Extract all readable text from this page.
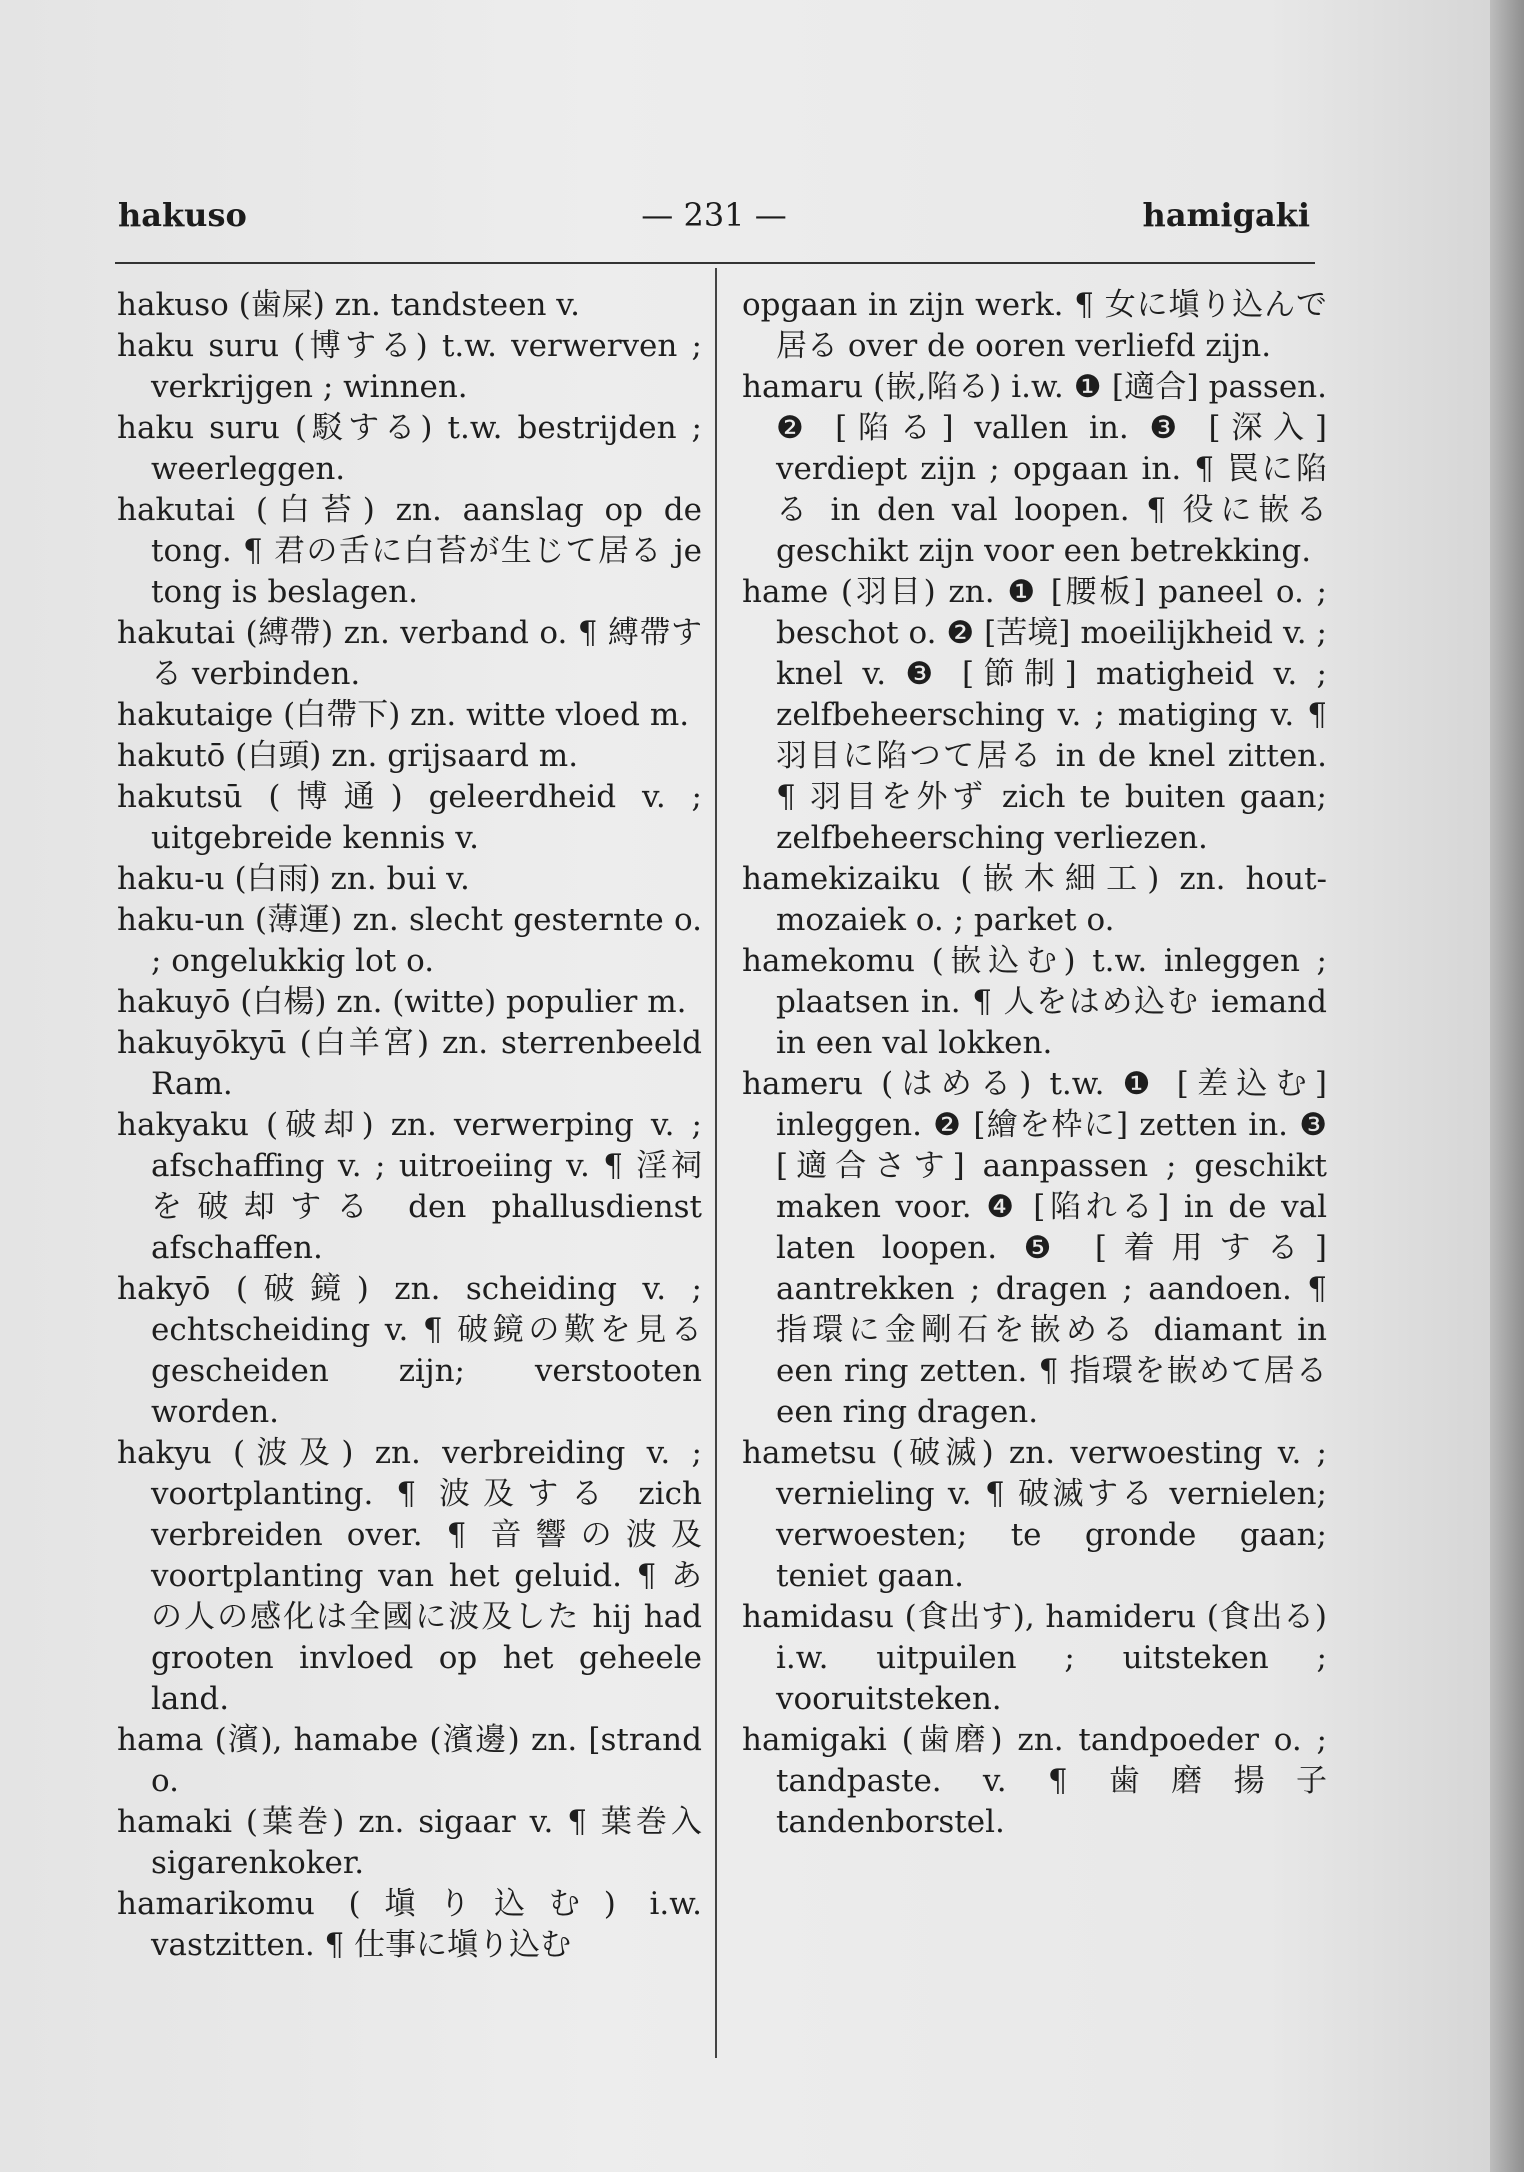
hakuso	— 231 —	hamigaki

hakuso (歯屎) zn. tandsteen v.

haku suru (博する) t.w. verwerven ; verkrijgen ; winnen.

haku suru (駁する) t.w. bestrijden ; weerleggen.

hakutai (白苔) zn. aanslag op de tong. ¶ 君の舌に白苔が生じて居る je tong is beslagen.

hakutai (縛帶) zn. verband o. ¶ 縛帶する verbinden.

hakutaige (白帶下) zn. witte vloed m.

hakutō (白頭) zn. grijsaard m.

hakutsū (博通) geleerdheid v. ; uitgebreide kennis v.

haku-u (白雨) zn. bui v.

haku-un (薄運) zn. slecht gesternte o. ; ongelukkig lot o.

hakuyō (白楊) zn. (witte) populier m.

hakuyōkyū (白羊宮) zn. sterrenbeeld Ram.

hakyaku (破却) zn. verwerping v. ; afschaffing v. ; uitroeiing v. ¶ 淫祠を破却する den phallusdienst afschaffen.

hakyō (破鏡) zn. scheiding v. ; echtscheiding v. ¶ 破鏡の歎を見る gescheiden zijn; verstooten worden.

hakyu (波及) zn. verbreiding v. ; voortplanting. ¶ 波及する zich verbreiden over. ¶ 音響の波及 voortplanting van het geluid. ¶ あの人の感化は全國に波及した hij had grooten invloed op het geheele land.

hama (濱), hamabe (濱邊) zn. [strand o.

hamaki (葉巻) zn. sigaar v. ¶ 葉巻入 sigarenkoker.

hamarikomu (塡り込む) i.w. vastzitten. ¶ 仕事に塡り込む

opgaan in zijn werk. ¶ 女に塡り込んで居る over de ooren verliefd zijn.

hamaru (嵌,陷る) i.w. ❶ [適合] passen. ❷ [陷る] vallen in. ❸ [深入] verdiept zijn ; opgaan in. ¶ 罠に陷る in den val loopen. ¶ 役に嵌る geschikt zijn voor een betrekking.

hame (羽目) zn. ❶ [腰板] paneel o. ; beschot o. ❷ [苦境] moeilijkheid v. ; knel v. ❸ [節制] matigheid v. ; zelfbeheersching v. ; matiging v. ¶ 羽目に陷つて居る in de knel zitten. ¶ 羽目を外ず zich te buiten gaan; zelfbeheersching verliezen.

hamekizaiku (嵌木細工) zn. hout-mozaiek o. ; parket o.

hamekomu (嵌込む) t.w. inleggen ; plaatsen in. ¶ 人をはめ込む iemand in een val lokken.

hameru (はめる) t.w. ❶ [差込む] inleggen. ❷ [繪を枠に] zetten in. ❸ [適合さす] aanpassen ; geschikt maken voor. ❹ [陷れる] in de val laten loopen. ❺ [着用する] aantrekken ; dragen ; aandoen. ¶ 指環に金剛石を嵌める diamant in een ring zetten. ¶ 指環を嵌めて居る een ring dragen.

hametsu (破滅) zn. verwoesting v. ; vernieling v. ¶ 破滅する vernielen; verwoesten; te gronde gaan; teniet gaan.

hamidasu (食出す), hamideru (食出る) i.w. uitpuilen ; uitsteken ; vooruitsteken.

hamigaki (歯磨) zn. tandpoeder o. ; tandpaste. v. ¶ 歯磨揚子 tandenborstel.
